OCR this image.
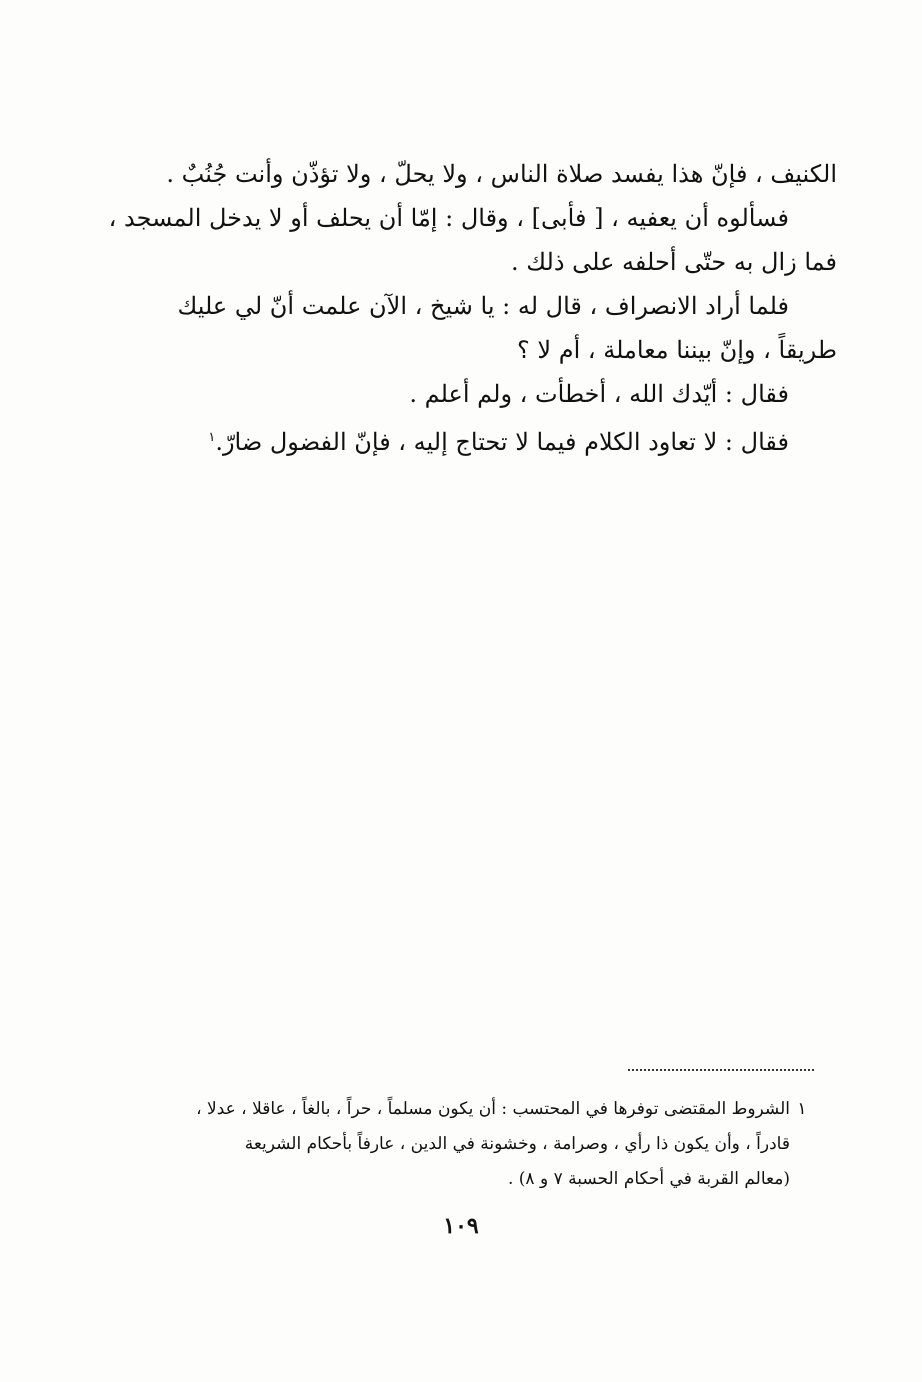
الكنيف ، فإنّ هذا يفسد صلاة الناس ، ولا يحلّ ، ولا تؤذّن وأنت جُنُبٌ .
فسألوه أن يعفيه ، [ فأبى] ، وقال : إمّا أن يحلف أو لا يدخل المسجد ،
فما زال به حتّى أحلفه على ذلك .
فلما أراد الانصراف ، قال له : يا شيخ ، الآن علمت أنّ لي عليك
طريقاً ، وإنّ بيننا معاملة ، أم لا ؟
فقال : أيّدك الله ، أخطأت ، ولم أعلم .
فقال : لا تعاود الكلام فيما لا تحتاج إليه ، فإنّ الفضول ضارّ.$^١$
١الشروط المقتضى توفرها في المحتسب : أن يكون مسلماً ، حراً ، بالغاً ، عاقلا ، عدلا ،
قادراً ، وأن يكون ذا رأي ، وصرامة ، وخشونة في الدين ، عارفاً بأحكام الشريعة
(معالم القربة في أحكام الحسبة ٧ و ٨) .
١٠٩
